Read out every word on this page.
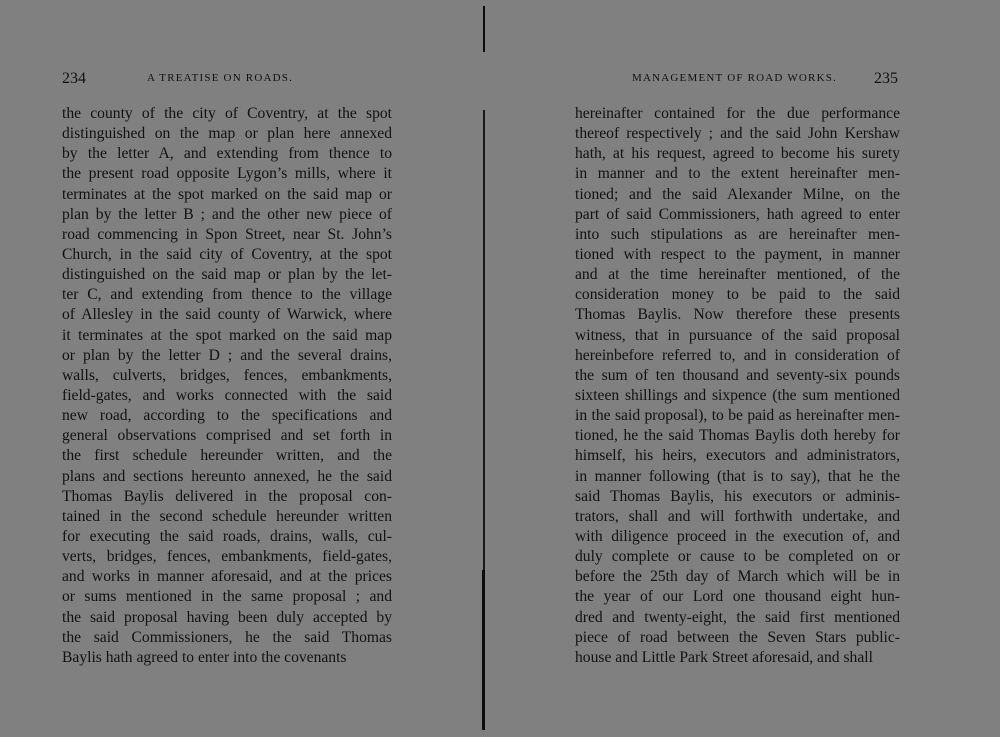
234	A TREATISE ON ROADS.
the county of the city of Coventry, at the spot
distinguished on the map or plan here annexed
by the letter A, and extending from thence to
the present road opposite Lygon’s mills, where it
terminates at the spot marked on the said map or
plan by the letter B ; and the other new piece of
road commencing in Spon Street, near St. John’s
Church, in the said city of Coventry, at the spot
distinguished on the said map or plan by the let-
ter C, and extending from thence to the village
of Allesley in the said county of Warwick, where
it terminates at the spot marked on the said map
or plan by the letter D ; and the several drains,
walls, culverts, bridges, fences, embankments,
field-gates, and works connected with the said
new road, according to the specifications and
general observations comprised and set forth in
the first schedule hereunder written, and the
plans and sections hereunto annexed, he the said
Thomas Baylis delivered in the proposal con-
tained in the second schedule hereunder written
for executing the said roads, drains, walls, cul-
verts, bridges, fences, embankments, field-gates,
and works in manner aforesaid, and at the prices
or sums mentioned in the same proposal ; and
the said proposal having been duly accepted by
the said Commissioners, he the said Thomas
Baylis hath agreed to enter into the covenants
MANAGEMENT OF ROAD WORKS. 235
hereinafter contained for the due performance
thereof respectively ; and the said John Kershaw
hath, at his request, agreed to become his surety
in manner and to the extent hereinafter men-
tioned; and the said Alexander Milne, on the
part of said Commissioners, hath agreed to enter
into such stipulations as are hereinafter men-
tioned with respect to the payment, in manner
and at the time hereinafter mentioned, of the
consideration money to be paid to the said
Thomas Baylis. Now therefore these presents
witness, that in pursuance of the said proposal
hereinbefore referred to, and in consideration of
the sum of ten thousand and seventy-six pounds
sixteen shillings and sixpence (the sum mentioned
in the said proposal), to be paid as hereinafter men-
tioned, he the said Thomas Baylis doth hereby for
himself, his heirs, executors and administrators,
in manner following (that is to say), that he the
said Thomas Baylis, his executors or adminis-
trators, shall and will forthwith undertake, and
with diligence proceed in the execution of, and
duly complete or cause to be completed on or
before the 25th day of March which will be in
the year of our Lord one thousand eight hun-
dred and twenty-eight, the said first mentioned
piece of road between the Seven Stars public-
house and Little Park Street aforesaid, and shall
